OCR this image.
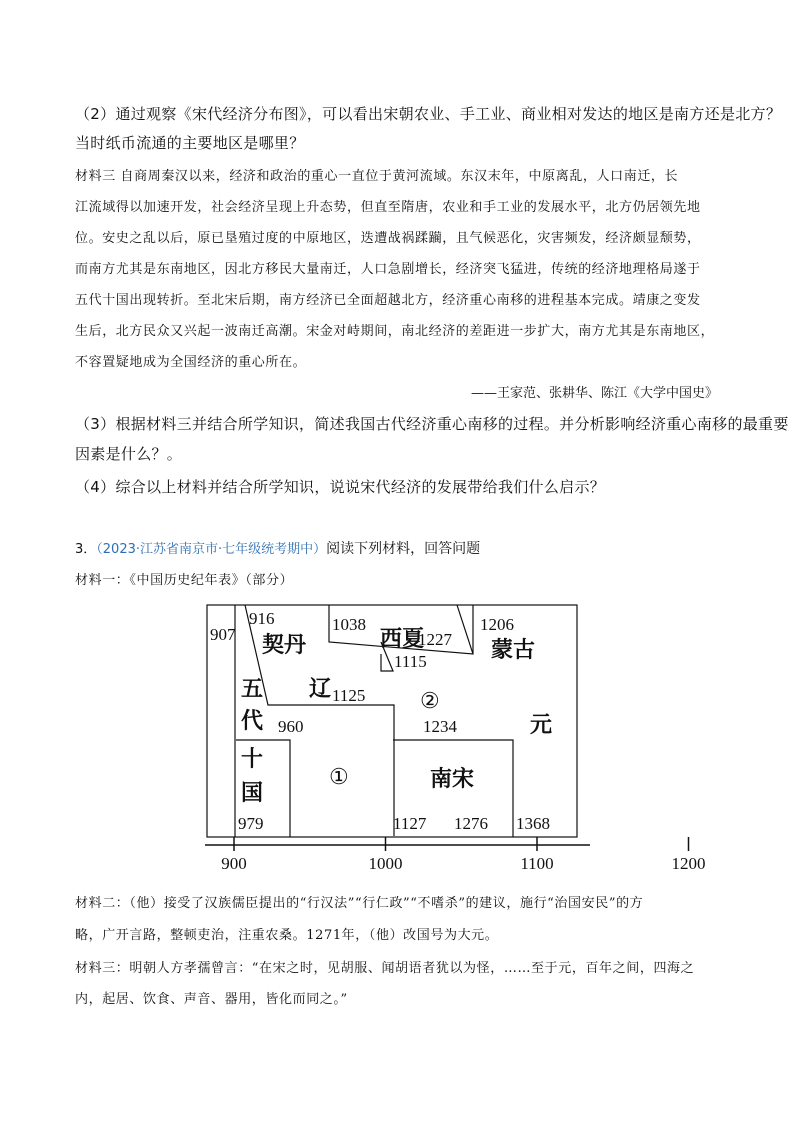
（2）通过观察《宋代经济分布图》，可以看出宋朝农业、手工业、商业相对发达的地区是南方还是北方？
当时纸币流通的主要地区是哪里？
材料三 自商周秦汉以来，经济和政治的重心一直位于黄河流域。东汉末年，中原离乱，人口南迁，长
江流域得以加速开发，社会经济呈现上升态势，但直至隋唐，农业和手工业的发展水平，北方仍居领先地
位。安史之乱以后，原已垦殖过度的中原地区，迭遭战祸蹂躏，且气候恶化，灾害频发，经济颇显颓势，
而南方尤其是东南地区，因北方移民大量南迁，人口急剧增长，经济突飞猛进，传统的经济地理格局遂于
五代十国出现转折。至北宋后期，南方经济已全面超越北方，经济重心南移的进程基本完成。靖康之变发
生后，北方民众又兴起一波南迁高潮。宋金对峙期间，南北经济的差距进一步扩大，南方尤其是东南地区，
不容置疑地成为全国经济的重心所在。
——王家范、张耕华、陈江《大学中国史》
（3）根据材料三并结合所学知识，简述我国古代经济重心南移的过程。并分析影响经济重心南移的最重要
因素是什么？。
（4）综合以上材料并结合所学知识，说说宋代经济的发展带给我们什么启示？
3．（2023·江苏省南京市·七年级统考期中）阅读下列材料，回答问题
材料一：《中国历史纪年表》（部分）
900	1000	1100	1200
907
916
960
979
1038
1115
1125
1127
1206
1227
1234
1276 1368
契丹
辽
西夏
②
蒙古
五
代
十
国
①	南宋
元
材料二：（他）接受了汉族儒臣提出的“行汉法”“行仁政”“不嗜杀”的建议，施行“治国安民”的方
略，广开言路，整顿吏治，注重农桑。1271年，（他）改国号为大元。
材料三：明朝人方孝孺曾言：“在宋之时，见胡服、闻胡语者犹以为怪，……至于元，百年之间，四海之
内，起居、饮食、声音、器用，皆化而同之。”
